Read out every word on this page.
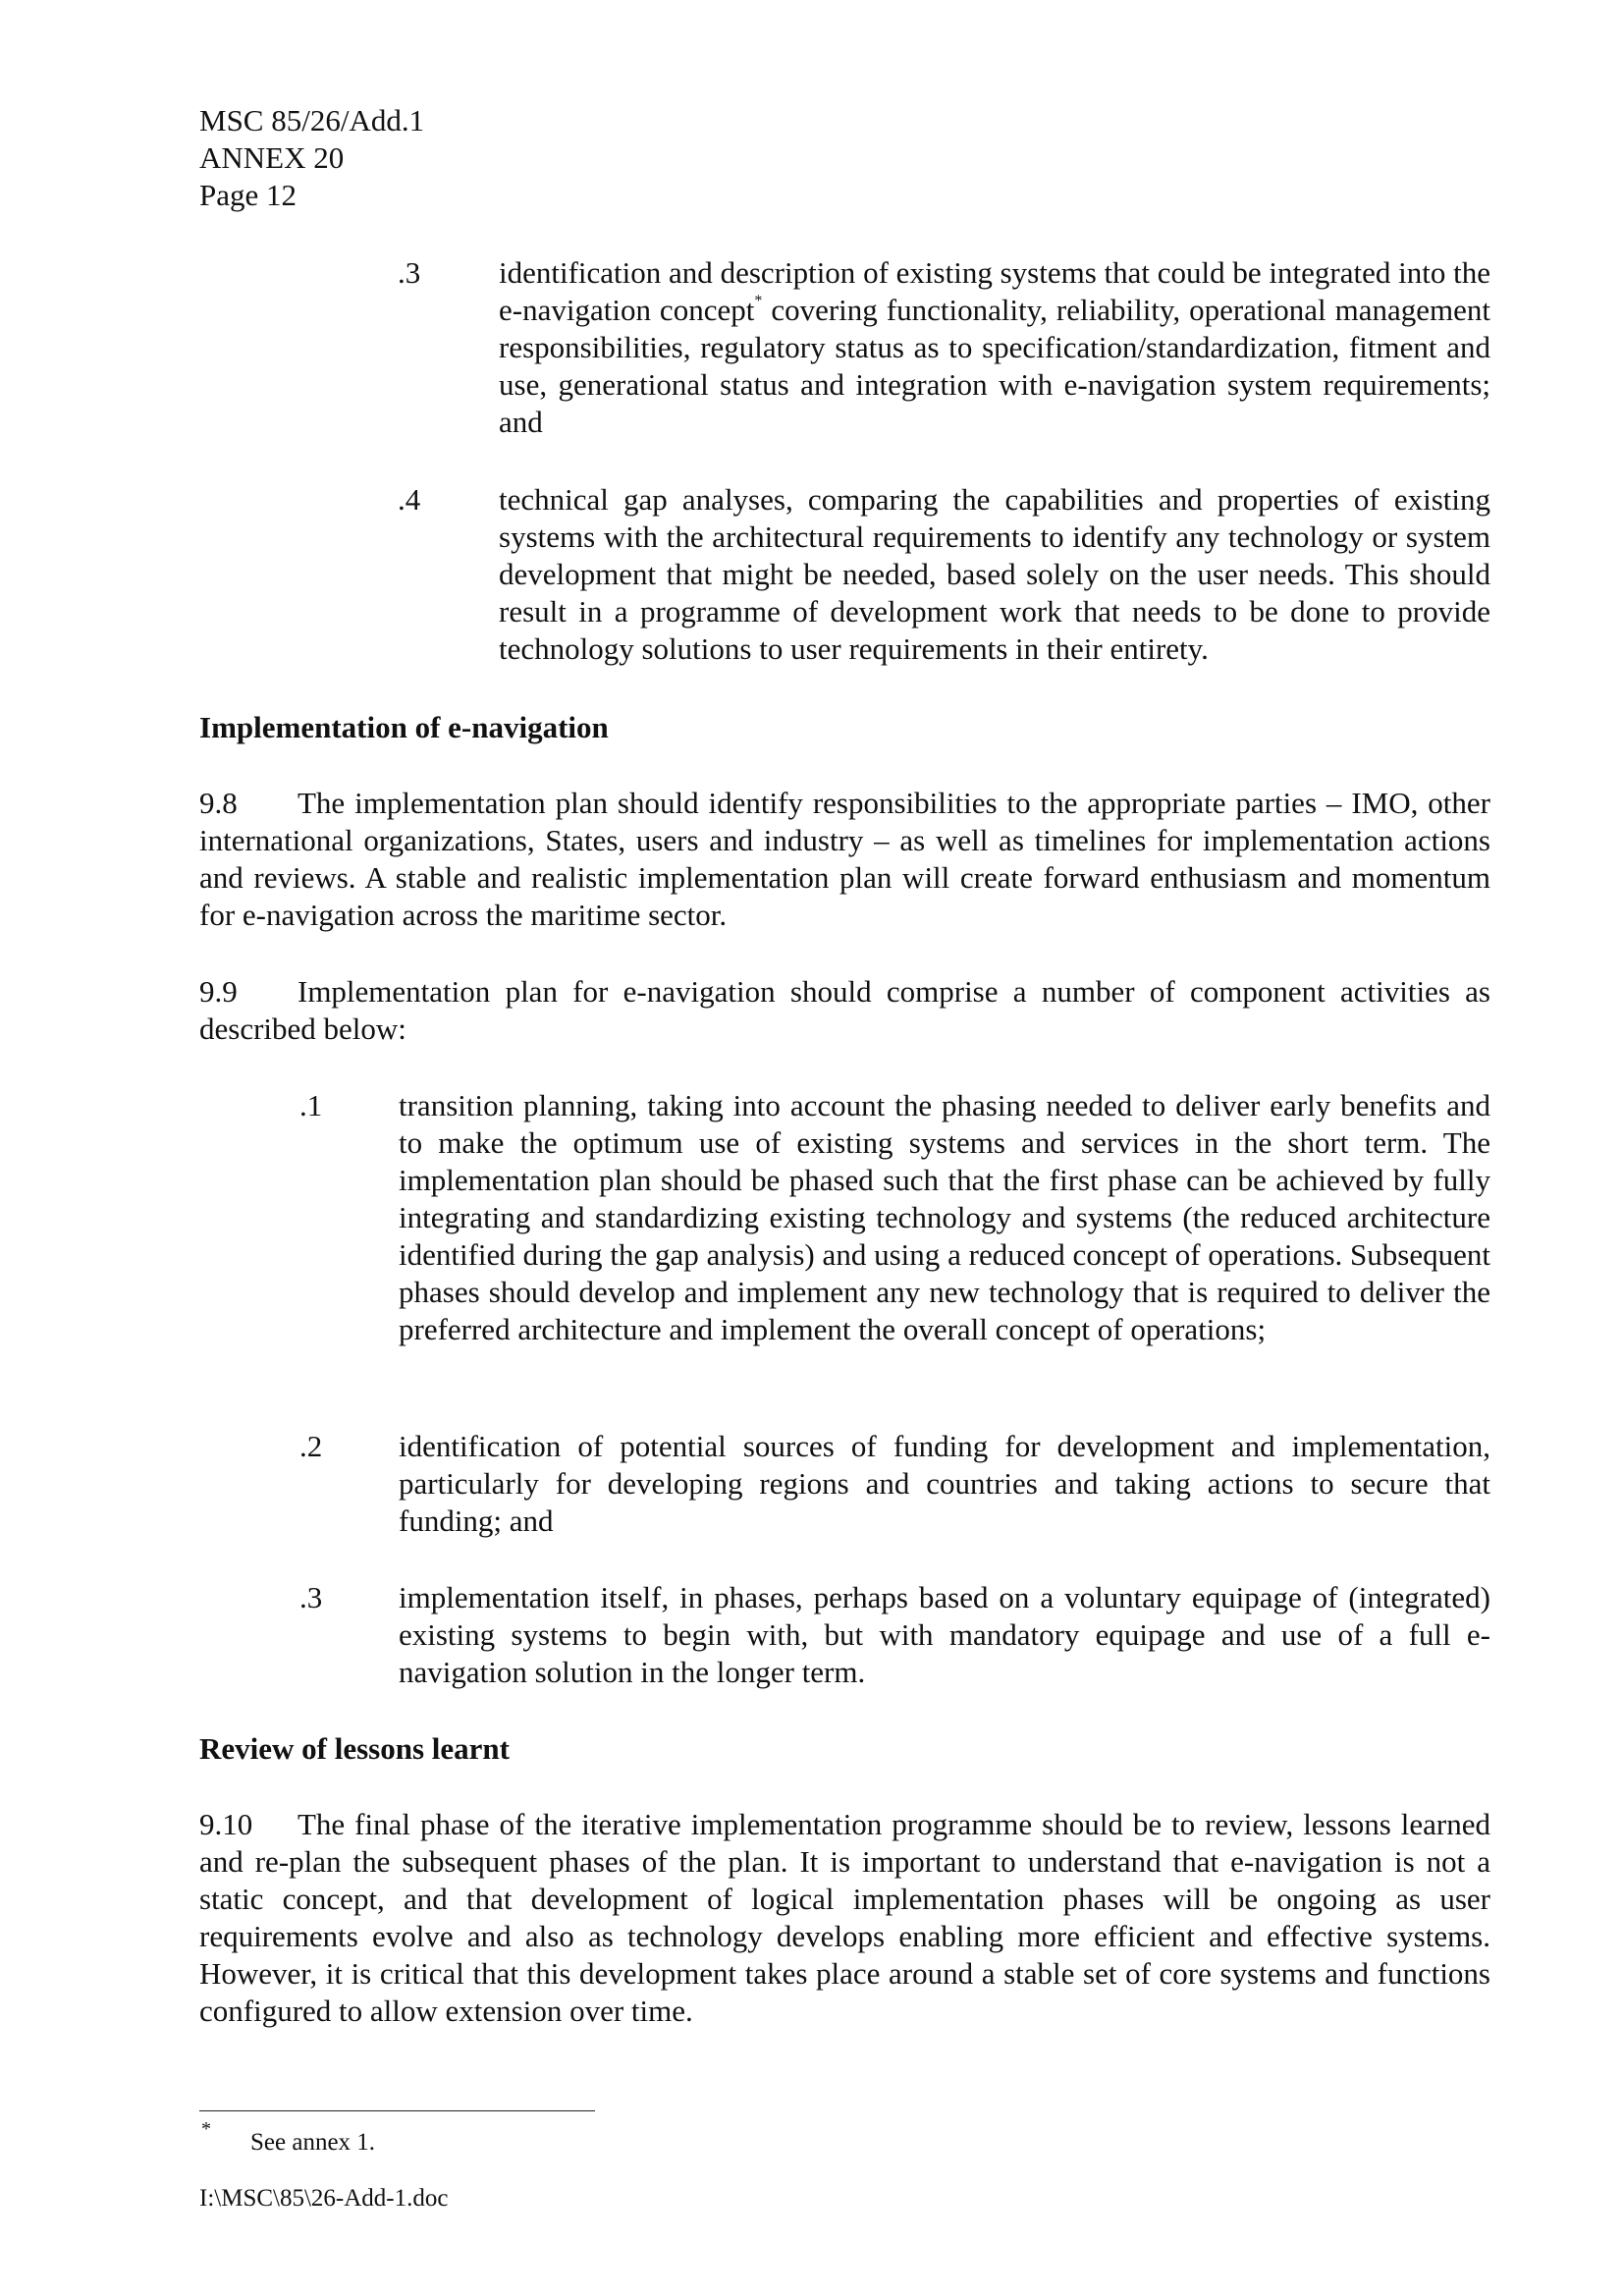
MSC 85/26/Add.1
ANNEX 20
Page 12
.3	identification and description of existing systems that could be integrated into the e-navigation concept* covering functionality, reliability, operational management responsibilities, regulatory status as to specification/standardization, fitment and use, generational status and integration with e-navigation system requirements; and

.4	technical gap analyses, comparing the capabilities and properties of existing systems with the architectural requirements to identify any technology or system development that might be needed, based solely on the user needs. This should result in a programme of development work that needs to be done to provide technology solutions to user requirements in their entirety.

Implementation of e-navigation

9.8 The implementation plan should identify responsibilities to the appropriate parties – IMO, other international organizations, States, users and industry – as well as timelines for implementation actions and reviews. A stable and realistic implementation plan will create forward enthusiasm and momentum for e-navigation across the maritime sector.

9.9 Implementation plan for e-navigation should comprise a number of component activities as described below:

.1	transition planning, taking into account the phasing needed to deliver early benefits and to make the optimum use of existing systems and services in the short term. The implementation plan should be phased such that the first phase can be achieved by fully integrating and standardizing existing technology and systems (the reduced architecture identified during the gap analysis) and using a reduced concept of operations. Subsequent phases should develop and implement any new technology that is required to deliver the preferred architecture and implement the overall concept of operations;

.2	identification of potential sources of funding for development and implementation, particularly for developing regions and countries and taking actions to secure that funding; and

.3	implementation itself, in phases, perhaps based on a voluntary equipage of (integrated) existing systems to begin with, but with mandatory equipage and use of a full e-navigation solution in the longer term.

Review of lessons learnt

9.10 The final phase of the iterative implementation programme should be to review, lessons learned and re-plan the subsequent phases of the plan. It is important to understand that e-navigation is not a static concept, and that development of logical implementation phases will be ongoing as user requirements evolve and also as technology develops enabling more efficient and effective systems. However, it is critical that this development takes place around a stable set of core systems and functions configured to allow extension over time.

* See annex 1.
I:\MSC\85\26-Add-1.doc
